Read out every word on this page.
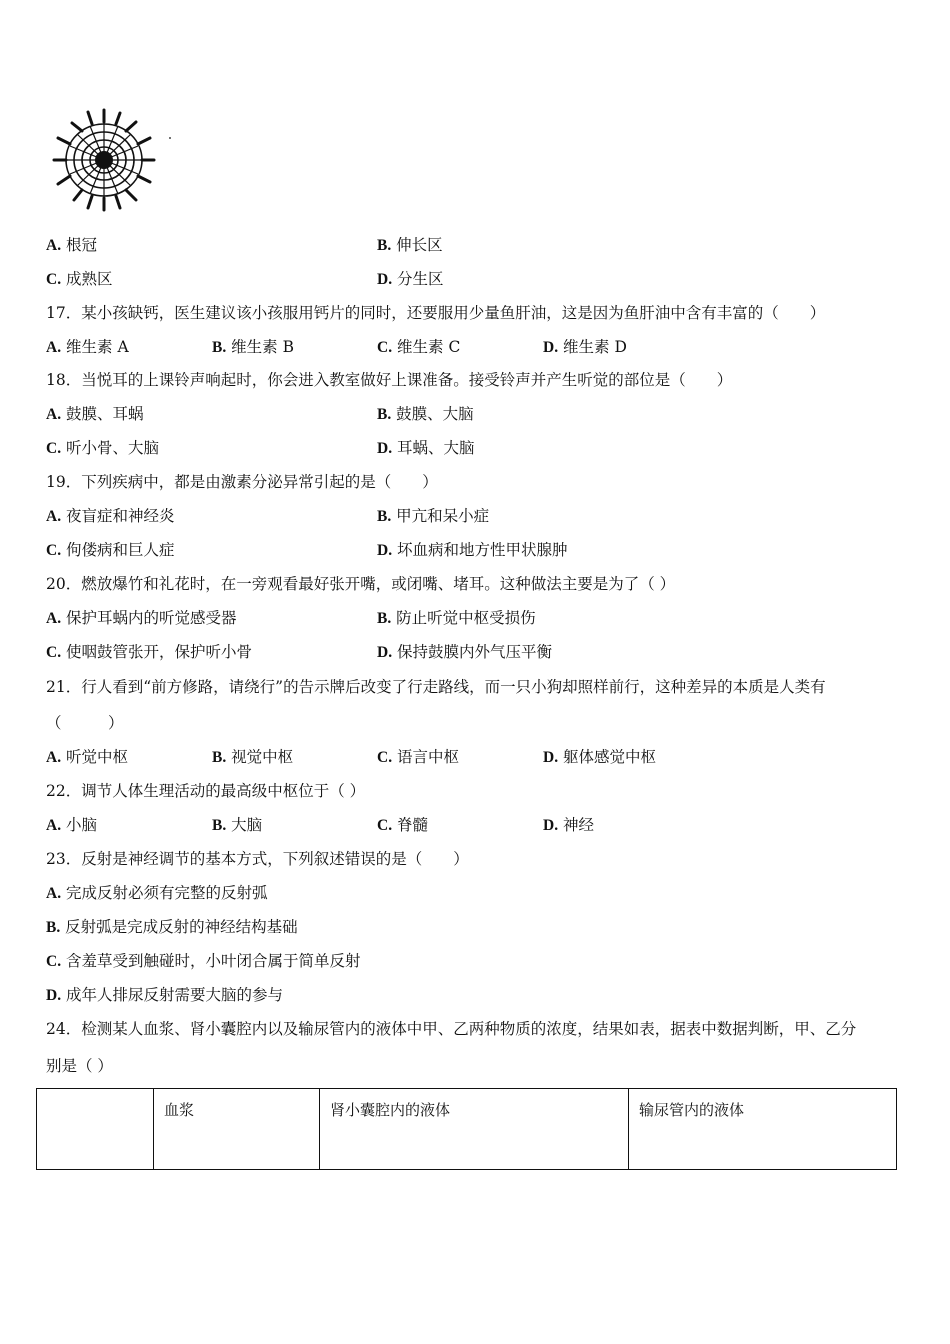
A. 根冠	B. 伸长区
C. 成熟区	D. 分生区
17．某小孩缺钙，医生建议该小孩服用钙片的同时，还要服用少量鱼肝油，这是因为鱼肝油中含有丰富的（　　）
A. 维生素 A	B. 维生素 B	C. 维生素 C	D. 维生素 D
18．当悦耳的上课铃声响起时，你会进入教室做好上课准备。接受铃声并产生听觉的部位是（　　）
A. 鼓膜、耳蜗	B. 鼓膜、大脑
C. 听小骨、大脑	D. 耳蜗、大脑
19．下列疾病中，都是由激素分泌异常引起的是（　　）
A. 夜盲症和神经炎	B. 甲亢和呆小症
C. 佝偻病和巨人症	D. 坏血病和地方性甲状腺肿
20．燃放爆竹和礼花时，在一旁观看最好张开嘴，或闭嘴、堵耳。这种做法主要是为了（ ）
A. 保护耳蜗内的听觉感受器	B. 防止听觉中枢受损伤
C. 使咽鼓管张开，保护听小骨	D. 保持鼓膜内外气压平衡
21．行人看到“前方修路，请绕行”的告示牌后改变了行走路线，而一只小狗却照样前行，这种差异的本质是人类有
（　　　）
A. 听觉中枢	B. 视觉中枢	C. 语言中枢	D. 躯体感觉中枢
22．调节人体生理活动的最高级中枢位于（ ）
A. 小脑	B. 大脑	C. 脊髓	D. 神经
23．反射是神经调节的基本方式，下列叙述错误的是（　　）
A. 完成反射必须有完整的反射弧
B. 反射弧是完成反射的神经结构基础
C. 含羞草受到触碰时，小叶闭合属于简单反射
D. 成年人排尿反射需要大脑的参与
24．检测某人血浆、肾小囊腔内以及输尿管内的液体中甲、乙两种物质的浓度，结果如表，据表中数据判断，甲、乙分
别是（ ）
	血浆	肾小囊腔内的液体	输尿管内的液体
